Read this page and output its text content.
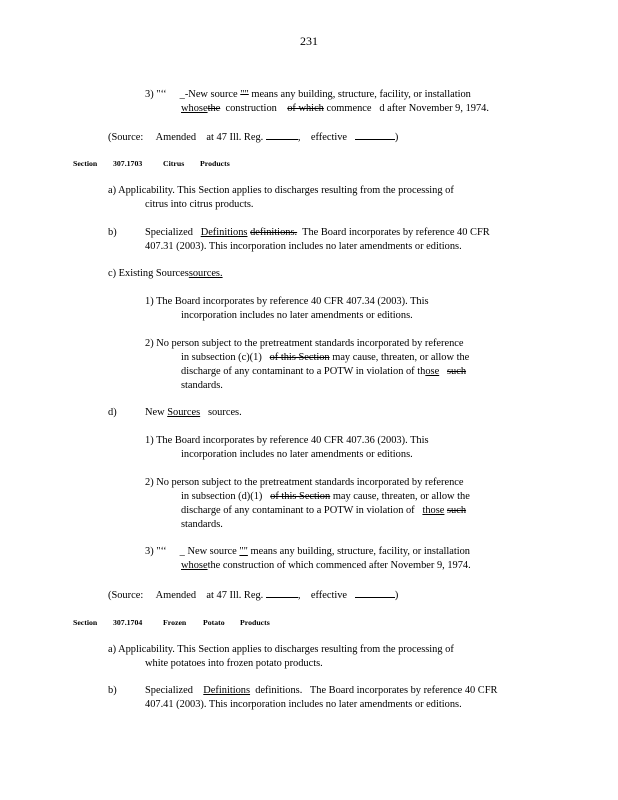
231
3) "‘‘ _-New source "" means any building, structure, facility, or installation
whosethe construction of which commence d after November 9, 1974.
(Source: Amended at 47 Ill. Reg.	, effective	)
Section 307.1703	Citrus Products
a) Applicability. This Section applies to discharges resulting from the processing of
citrus into citrus products.
b)	Specialized Definitions definitions. The Board incorporates by reference 40 CFR
407.31 (2003). This incorporation includes no later amendments or editions.
c) Existing Sourcessources.
1) The Board incorporates by reference 40 CFR 407.34 (2003). This
incorporation includes no later amendments or editions.
2) No person subject to the pretreatment standards incorporated by reference
in subsection (c)(1) of this Section may cause, threaten, or allow the
discharge of any contaminant to a POTW in violation of those such
standards.
d)	New Sources sources.
1) The Board incorporates by reference 40 CFR 407.36 (2003). This
incorporation includes no later amendments or editions.
2) No person subject to the pretreatment standards incorporated by reference
in subsection (d)(1) of this Section may cause, threaten, or allow the
discharge of any contaminant to a POTW in violation of those such
standards.
3) "‘‘ _ New source "" means any building, structure, facility, or installation
whosethe construction of which commenced after November 9, 1974.
(Source: Amended at 47 Ill. Reg.	, effective	)
Section 307.1704	Frozen Potato Products
a) Applicability. This Section applies to discharges resulting from the processing of
white potatoes into frozen potato products.
b)	Specialized Definitions definitions. The Board incorporates by reference 40 CFR
407.41 (2003). This incorporation includes no later amendments or editions.
